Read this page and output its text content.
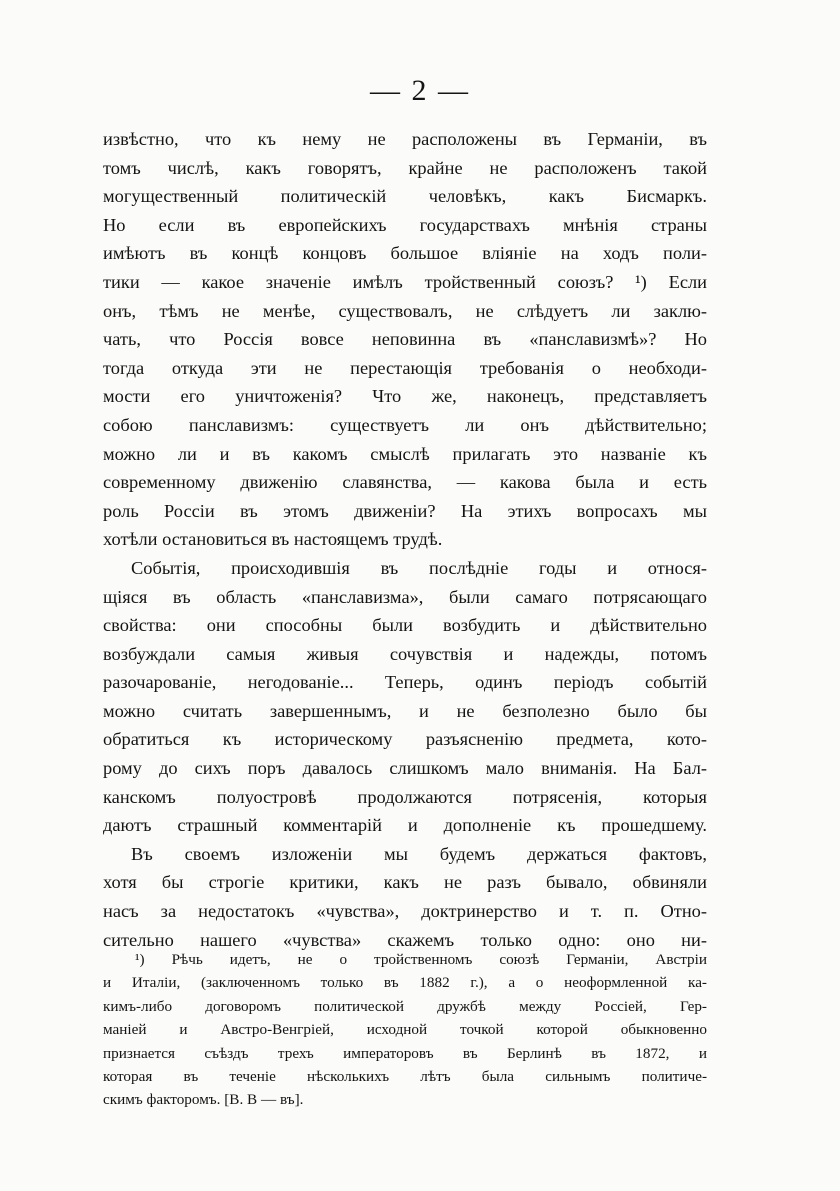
— 2 —
извѣстно, что къ нему не расположены въ Германіи, въ
томъ числѣ, какъ говорятъ, крайне не расположенъ такой
могущественный политическій человѣкъ, какъ Бисмаркъ.
Но если въ европейскихъ государствахъ мнѣнія страны
имѣютъ въ концѣ концовъ большое вліяніе на ходъ поли-
тики — какое значеніе имѣлъ тройственный союзъ? ¹) Если
онъ, тѣмъ не менѣе, существовалъ, не слѣдуетъ ли заклю-
чать, что Россія вовсе неповинна въ «панславизмѣ»? Но
тогда откуда эти не перестающія требованія о необходи-
мости его уничтоженія? Что же, наконецъ, представляетъ
собою панславизмъ: существуетъ ли онъ дѣйствительно;
можно ли и въ какомъ смыслѣ прилагать это названіе къ
современному движенію славянства, — какова была и есть
роль Россіи въ этомъ движеніи? На этихъ вопросахъ мы
хотѣли остановиться въ настоящемъ трудѣ.
Событія, происходившія въ послѣдніе годы и относя-
щіяся въ область «панславизма», были самаго потрясающаго
свойства: они способны были возбудить и дѣйствительно
возбуждали самыя живыя сочувствія и надежды, потомъ
разочарованіе, негодованіе... Теперь, одинъ періодъ событій
можно считать завершеннымъ, и не безполезно было бы
обратиться къ историческому разъясненію предмета, кото-
рому до сихъ поръ давалось слишкомъ мало вниманія. На Бал-
канскомъ полуостровѣ продолжаются потрясенія, которыя
даютъ страшный комментарій и дополненіе къ прошедшему.
Въ своемъ изложеніи мы будемъ держаться фактовъ,
хотя бы строгіе критики, какъ не разъ бывало, обвиняли
насъ за недостатокъ «чувства», доктринерство и т. п. Отно-
сительно нашего «чувства» скажемъ только одно: оно ни-
¹) Рѣчь идетъ, не о тройственномъ союзѣ Германіи, Австріи
и Италіи, (заключенномъ только въ 1882 г.), а о неоформленной ка-
кимъ-либо договоромъ политической дружбѣ между Россіей, Гер-
маніей и Австро-Венгріей, исходной точкой которой обыкновенно
признается съѣздъ трехъ императоровъ въ Берлинѣ въ 1872, и
которая въ теченіе нѣсколькихъ лѣтъ была сильнымъ политиче-
скимъ факторомъ. [В. В — въ].
